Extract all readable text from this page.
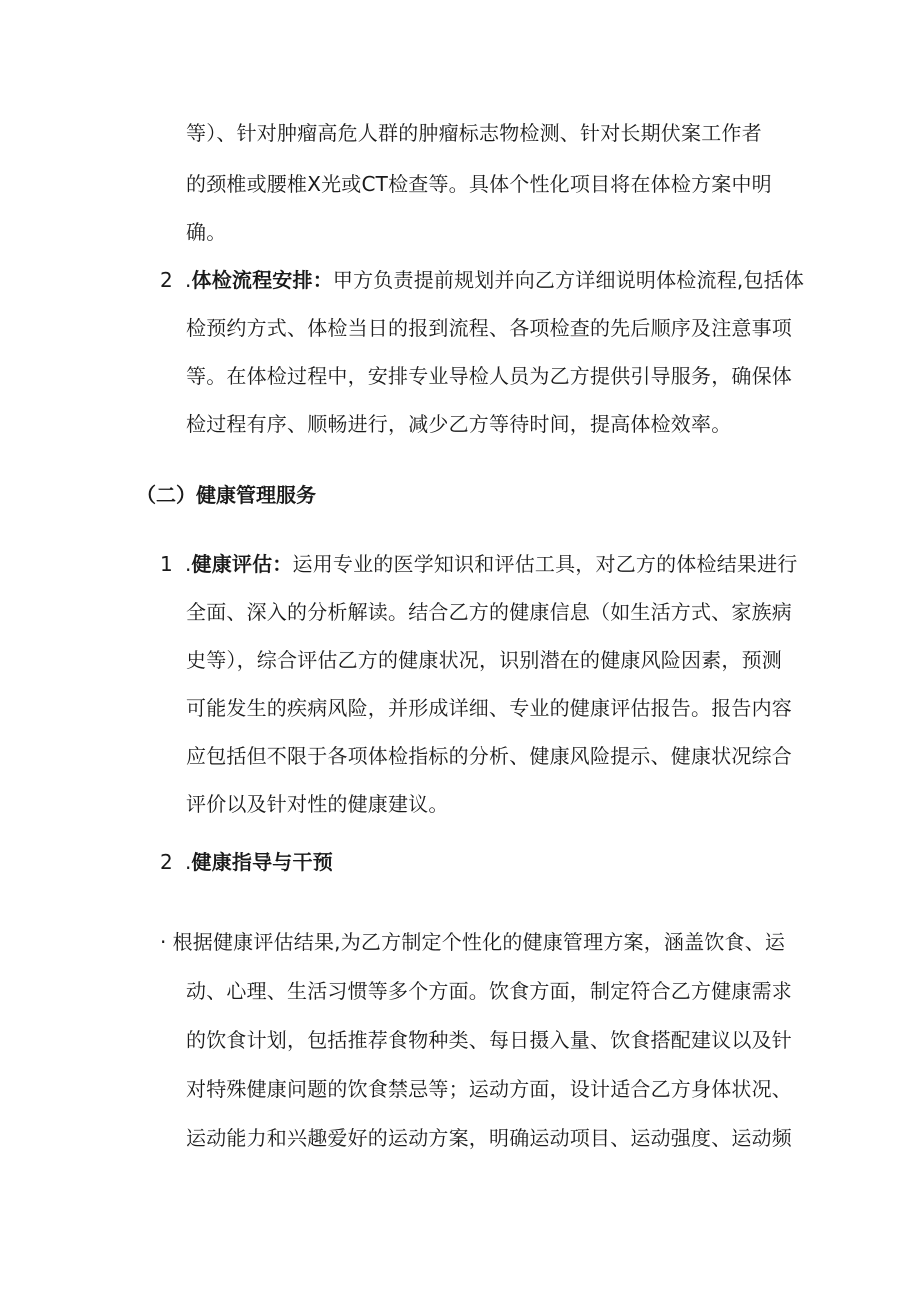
等）、针对肿瘤高危人群的肿瘤标志物检测、针对长期伏案工作者
的颈椎或腰椎X光或CT检查等。具体个性化项目将在体检方案中明
确。
2 .体检流程安排：甲方负责提前规划并向乙方详细说明体检流程,包括体
检预约方式、体检当日的报到流程、各项检查的先后顺序及注意事项
等。在体检过程中，安排专业导检人员为乙方提供引导服务，确保体
检过程有序、顺畅进行，减少乙方等待时间，提高体检效率。
（二）健康管理服务
1 .健康评估：运用专业的医学知识和评估工具，对乙方的体检结果进行
全面、深入的分析解读。结合乙方的健康信息（如生活方式、家族病
史等），综合评估乙方的健康状况，识别潜在的健康风险因素，预测
可能发生的疾病风险，并形成详细、专业的健康评估报告。报告内容
应包括但不限于各项体检指标的分析、健康风险提示、健康状况综合
评价以及针对性的健康建议。
2 .健康指导与干预
· 根据健康评估结果,为乙方制定个性化的健康管理方案，涵盖饮食、运
动、心理、生活习惯等多个方面。饮食方面，制定符合乙方健康需求
的饮食计划，包括推荐食物种类、每日摄入量、饮食搭配建议以及针
对特殊健康问题的饮食禁忌等；运动方面，设计适合乙方身体状况、
运动能力和兴趣爱好的运动方案，明确运动项目、运动强度、运动频
